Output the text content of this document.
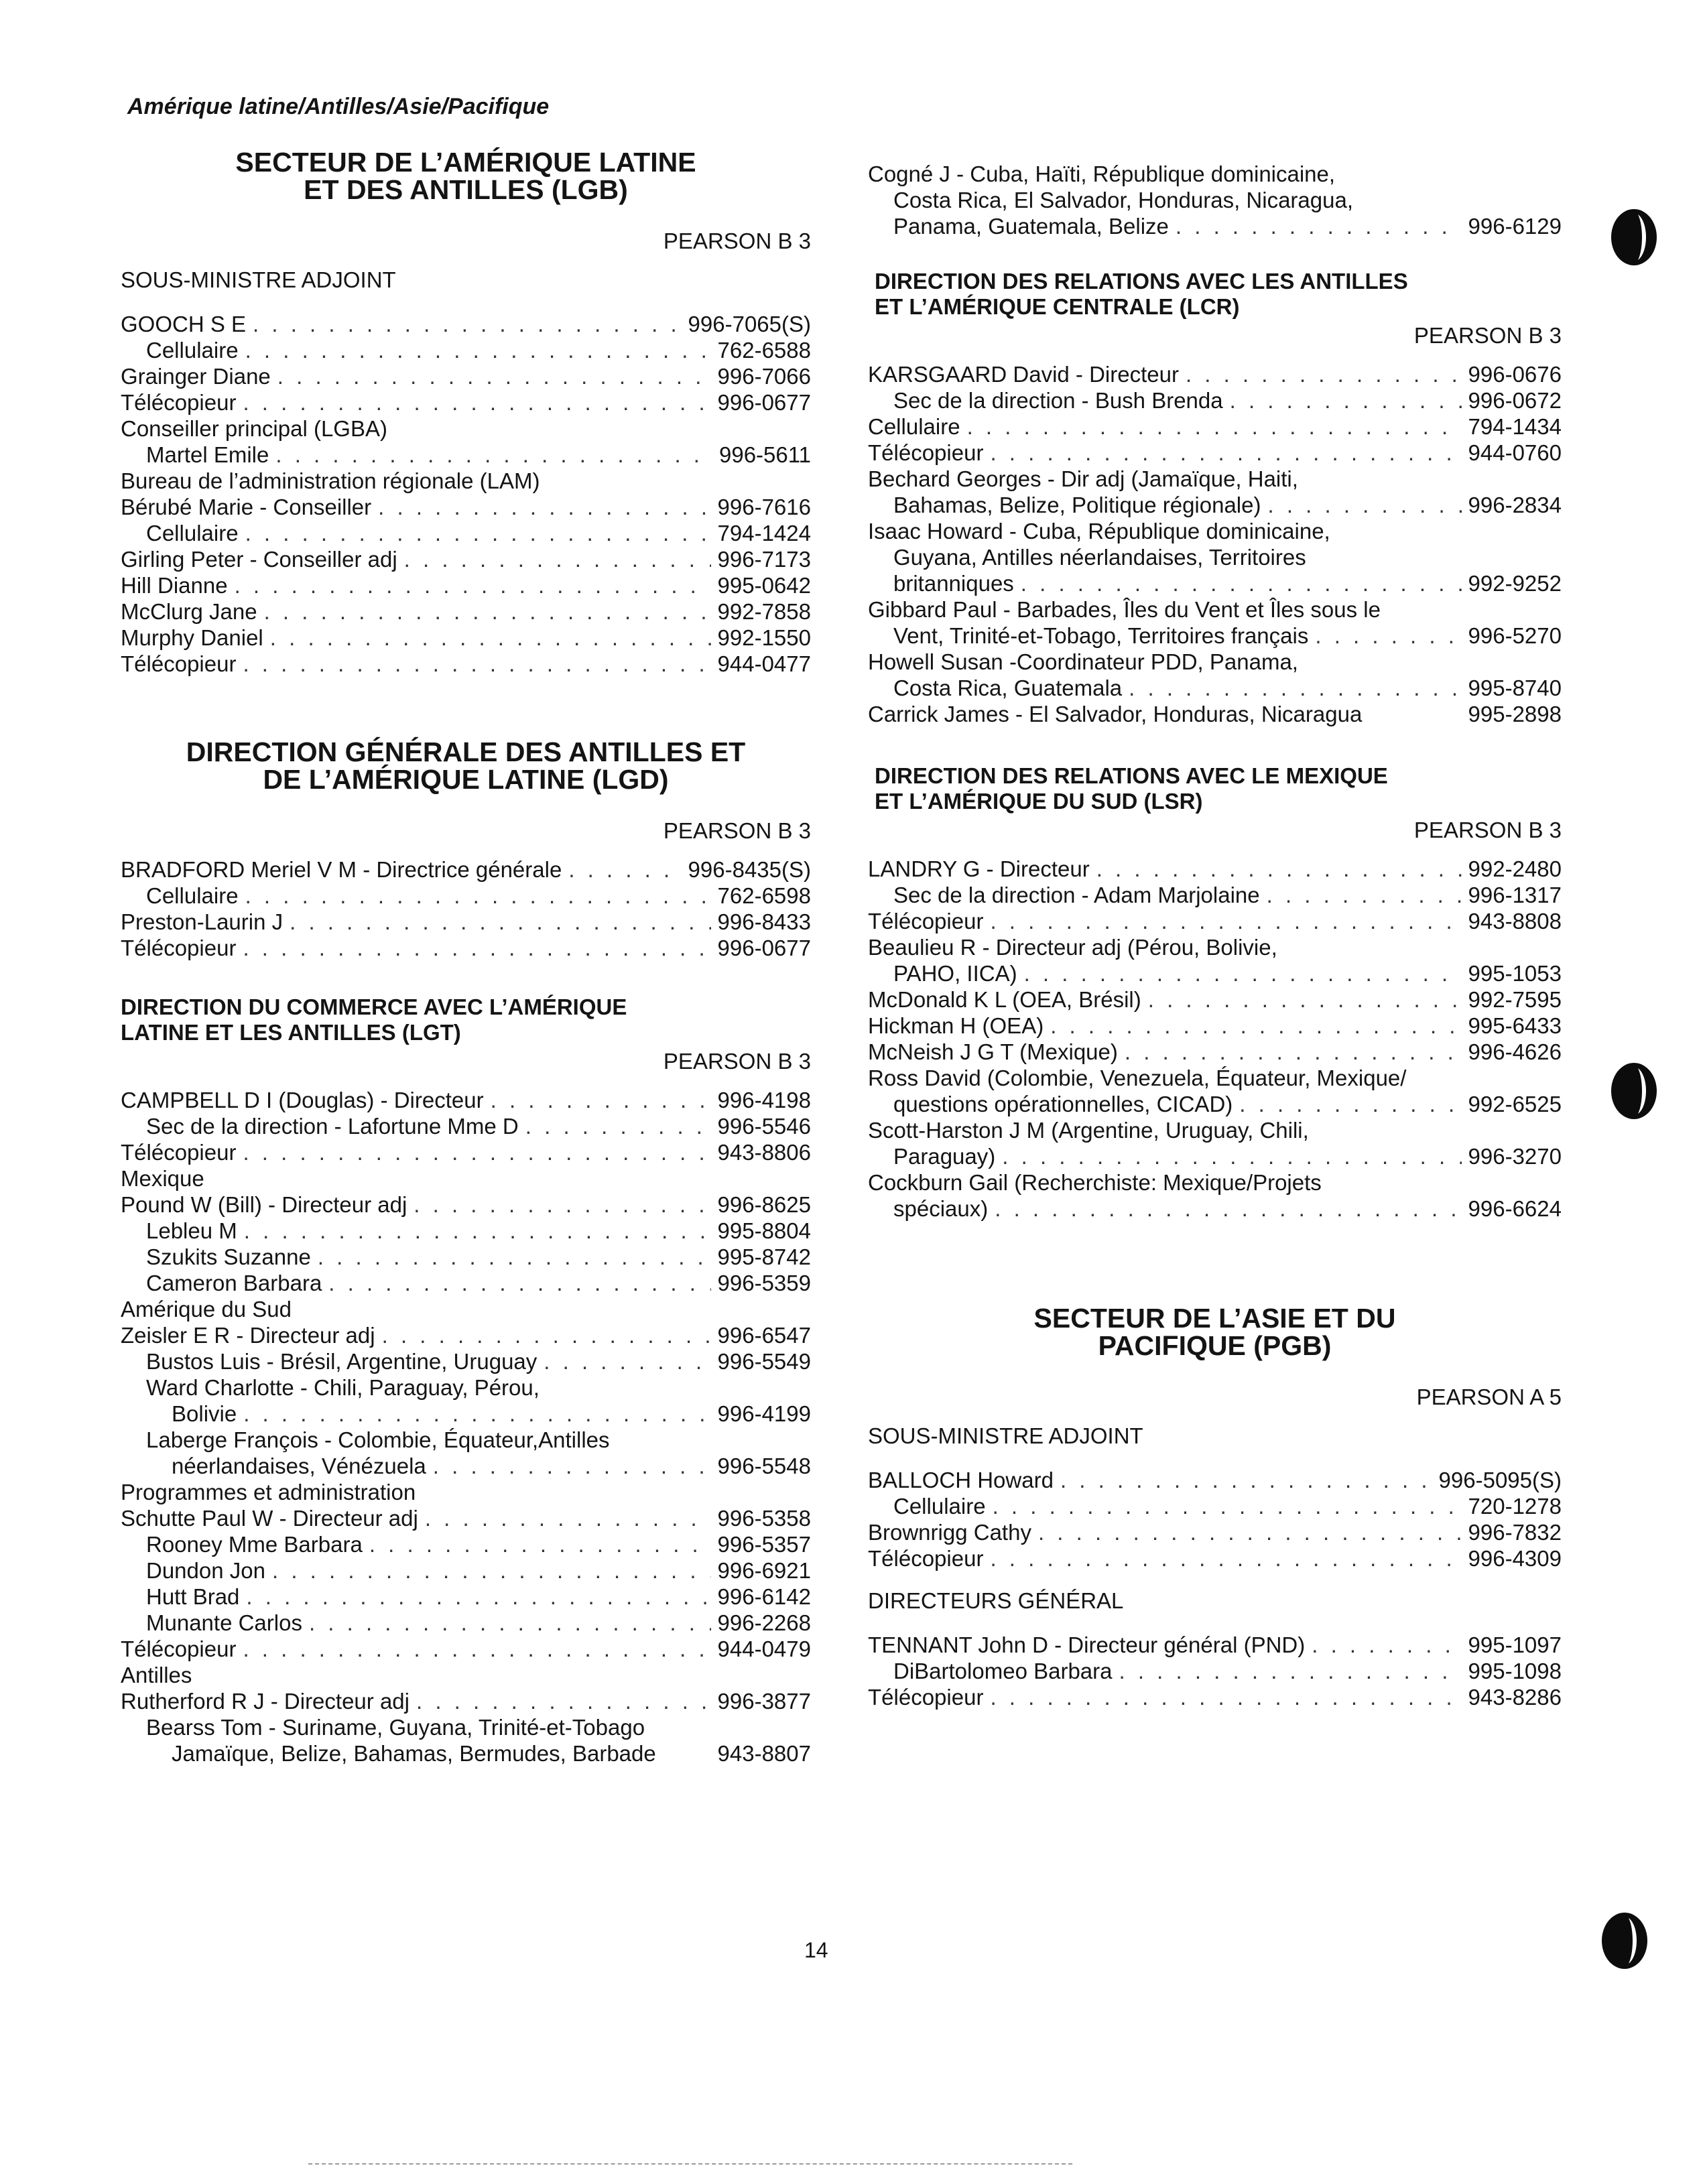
Amérique latine/Antilles/Asie/Pacifique
SECTEUR DE L’AMÉRIQUE LATINE
ET DES ANTILLES (LGB)
PEARSON B 3
SOUS-MINISTRE ADJOINT
GOOCH S E . . .	996-7065(S)
Cellulaire . . .	762-6588
Grainger Diane . . .	996-7066
Télécopieur . . .	996-0677
Conseiller principal (LGBA)
Martel Emile . . .	996-5611
Bureau de l’administration régionale (LAM)
Bérubé Marie - Conseiller . . .	996-7616
Cellulaire . . .	794-1424
Girling Peter - Conseiller adj . . .	996-7173
Hill Dianne . . .	995-0642
McClurg Jane . . .	992-7858
Murphy Daniel . . .	992-1550
Télécopieur . . .	944-0477
DIRECTION GÉNÉRALE DES ANTILLES ET
DE L’AMÉRIQUE LATINE (LGD)
PEARSON B 3
BRADFORD Meriel V M - Directrice générale . . .	996-8435(S)
Cellulaire . . .	762-6598
Preston-Laurin J . . .	996-8433
Télécopieur . . .	996-0677
DIRECTION DU COMMERCE AVEC L’AMÉRIQUE
LATINE ET LES ANTILLES (LGT)
PEARSON B 3
CAMPBELL D I (Douglas) - Directeur . . .	996-4198
Sec de la direction - Lafortune Mme D . . .	996-5546
Télécopieur . . .	943-8806
Mexique
Pound W (Bill) - Directeur adj . . .	996-8625
Lebleu M . . .	995-8804
Szukits Suzanne . . .	995-8742
Cameron Barbara . . .	996-5359
Amérique du Sud
Zeisler E R - Directeur adj . . .	996-6547
Bustos Luis - Brésil, Argentine, Uruguay . . .	996-5549
Ward Charlotte - Chili, Paraguay, Pérou,
Bolivie . . .	996-4199
Laberge François - Colombie, Équateur,Antilles
néerlandaises, Vénézuela . . .	996-5548
Programmes et administration
Schutte Paul W - Directeur adj . . .	996-5358
Rooney Mme Barbara . . .	996-5357
Dundon Jon . . .	996-6921
Hutt Brad . . .	996-6142
Munante Carlos . . .	996-2268
Télécopieur . . .	944-0479
Antilles
Rutherford R J - Directeur adj . . .	996-3877
Bearss Tom - Suriname, Guyana, Trinité-et-Tobago
Jamaïque, Belize, Bahamas, Bermudes, Barbade	943-8807
Cogné J - Cuba, Haïti, République dominicaine,
Costa Rica, El Salvador, Honduras, Nicaragua,
Panama, Guatemala, Belize . . .	996-6129
DIRECTION DES RELATIONS AVEC LES ANTILLES
ET L’AMÉRIQUE CENTRALE (LCR)
PEARSON B 3
KARSGAARD David - Directeur . . .	996-0676
Sec de la direction - Bush Brenda . . .	996-0672
Cellulaire . . .	794-1434
Télécopieur . . .	944-0760
Bechard Georges - Dir adj (Jamaïque, Haiti,
Bahamas, Belize, Politique régionale) . . .	996-2834
Isaac Howard - Cuba, République dominicaine,
Guyana, Antilles néerlandaises, Territoires
britanniques . . .	992-9252
Gibbard Paul - Barbades, Îles du Vent et Îles sous le
Vent, Trinité-et-Tobago, Territoires français . . .	996-5270
Howell Susan -Coordinateur PDD, Panama,
Costa Rica, Guatemala . . .	995-8740
Carrick James - El Salvador, Honduras, Nicaragua	995-2898
DIRECTION DES RELATIONS AVEC LE MEXIQUE
ET L’AMÉRIQUE DU SUD (LSR)
PEARSON B 3
LANDRY G - Directeur . . .	992-2480
Sec de la direction - Adam Marjolaine . . .	996-1317
Télécopieur . . .	943-8808
Beaulieu R - Directeur adj (Pérou, Bolivie,
PAHO, IICA) . . .	995-1053
McDonald K L (OEA, Brésil) . . .	992-7595
Hickman H (OEA) . . .	995-6433
McNeish J G T (Mexique) . . .	996-4626
Ross David (Colombie, Venezuela, Équateur, Mexique/
questions opérationnelles, CICAD) . . .	992-6525
Scott-Harston J M (Argentine, Uruguay, Chili,
Paraguay) . . .	996-3270
Cockburn Gail (Recherchiste: Mexique/Projets
spéciaux) . . .	996-6624
SECTEUR DE L’ASIE ET DU
PACIFIQUE (PGB)
PEARSON A 5
SOUS-MINISTRE ADJOINT
BALLOCH Howard . . .	996-5095(S)
Cellulaire . . .	720-1278
Brownrigg Cathy . . .	996-7832
Télécopieur . . .	996-4309
DIRECTEURS GÉNÉRAL
TENNANT John D - Directeur général (PND) . . .	995-1097
DiBartolomeo Barbara . . .	995-1098
Télécopieur . . .	943-8286
14
